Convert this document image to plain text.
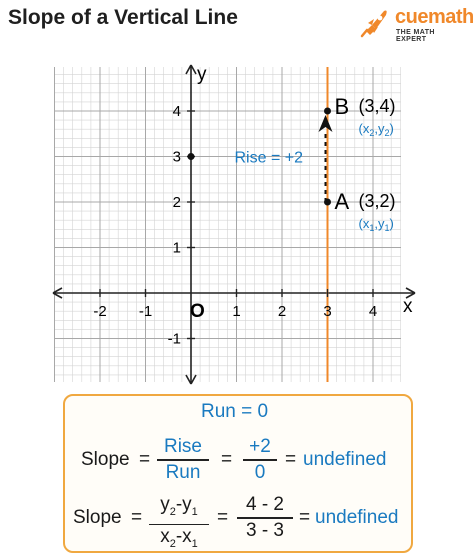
Slope of a Vertical Line	cuemath
THE MATH EXPERT
-2 -1	1 2 3 4
-1
1
2
3
4
x
y
O
Rise = +2
B (3,4)
$(x_2,y_2)$
A (3,2)
$(x_1,y_1)$
Run = 0
Slope =
Rise
Run
=
+2
0
= undefined
Slope =
$y_2-y_1$
$x_2-x_1$
=
4 - 2
3 - 3
= undefined
